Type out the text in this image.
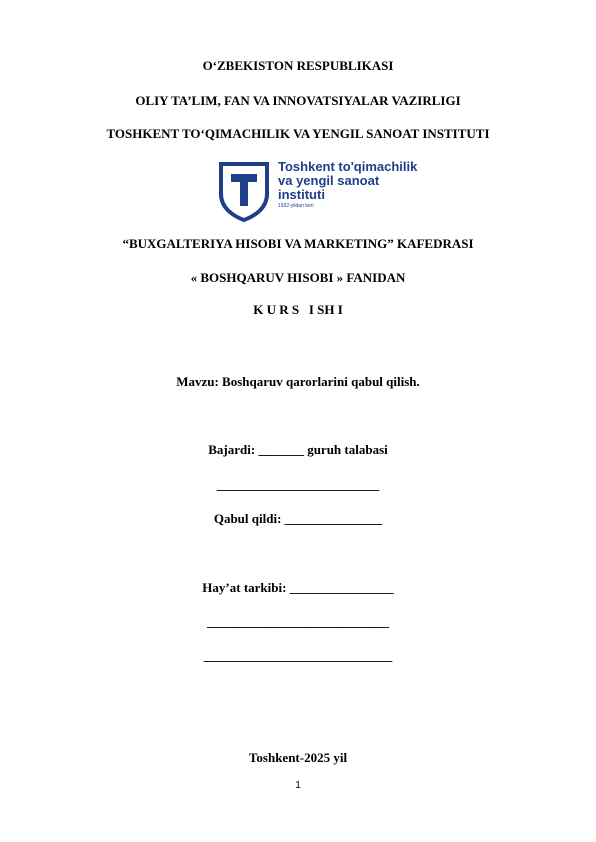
O‘ZBEKISTON RESPUBLIKASI
OLIY TA’LIM, FAN VA INNOVATSIYALAR VAZIRLIGI
TOSHKENT TO‘QIMACHILIK VA YENGIL SANOAT INSTITUTI
Toshkent to'qimachilik
va yengil sanoat
instituti
1932-yildan beri
“BUXGALTERIYA HISOBI VA MARKETING” KAFEDRASI
« BOSHQARUV HISOBI » FANIDAN
K U R S   I SH I
Mavzu: Boshqaruv qarorlarini qabul qilish.
Bajardi: _______ guruh talabasi
_________________________
Qabul qildi: _______________
Hay’at tarkibi: ________________
____________________________
_____________________________
Toshkent-2025 yil
1
